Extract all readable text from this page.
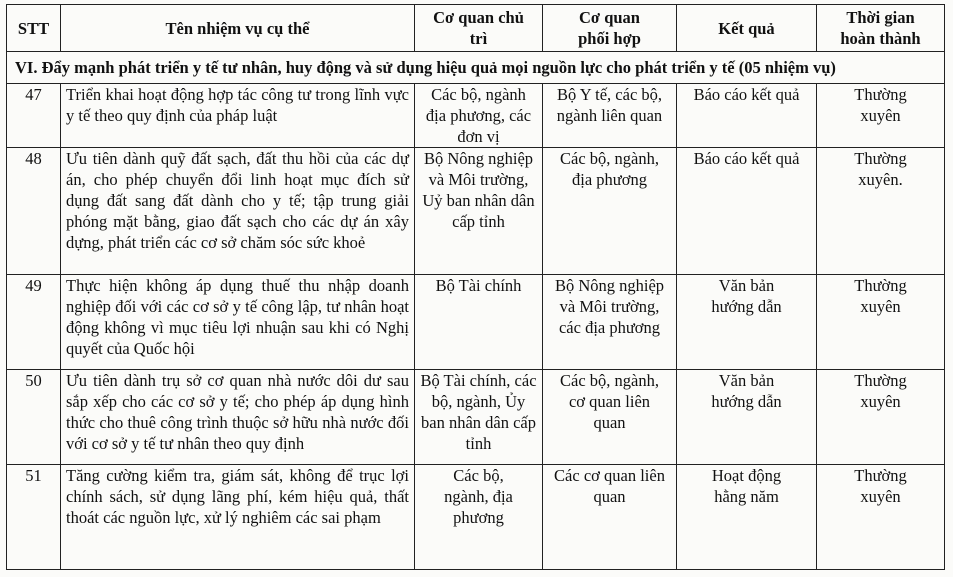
STT	Tên nhiệm vụ cụ thể	Cơ quan chủ trì	Cơ quan phối hợp	Kết quả	Thời gian hoàn thành
VI. Đẩy mạnh phát triển y tế tư nhân, huy động và sử dụng hiệu quả mọi nguồn lực cho phát triển y tế (05 nhiệm vụ)					
47	Triển khai hoạt động hợp tác công tư trong lĩnh vực y tế theo quy định của pháp luật	Các bộ, ngành địa phương, các đơn vị	Bộ Y tế, các bộ, ngành liên quan	Báo cáo kết quả	Thường xuyên
48	Ưu tiên dành quỹ đất sạch, đất thu hồi của các dự án, cho phép chuyển đổi linh hoạt mục đích sử dụng đất sang đất dành cho y tế; tập trung giải phóng mặt bằng, giao đất sạch cho các dự án xây dựng, phát triển các cơ sở chăm sóc sức khoẻ	Bộ Nông nghiệp và Môi trường, Uỷ ban nhân dân cấp tỉnh	Các bộ, ngành, địa phương	Báo cáo kết quả	Thường xuyên.
49	Thực hiện không áp dụng thuế thu nhập doanh nghiệp đối với các cơ sở y tế công lập, tư nhân hoạt động không vì mục tiêu lợi nhuận sau khi có Nghị quyết của Quốc hội	Bộ Tài chính	Bộ Nông nghiệp và Môi trường, các địa phương	Văn bản hướng dẫn	Thường xuyên
50	Ưu tiên dành trụ sở cơ quan nhà nước dôi dư sau sắp xếp cho các cơ sở y tế; cho phép áp dụng hình thức cho thuê công trình thuộc sở hữu nhà nước đối với cơ sở y tế tư nhân theo quy định	Bộ Tài chính, các bộ, ngành, Ủy ban nhân dân cấp tỉnh	Các bộ, ngành, cơ quan liên quan	Văn bản hướng dẫn	Thường xuyên
51	Tăng cường kiểm tra, giám sát, không để trục lợi chính sách, sử dụng lãng phí, kém hiệu quả, thất thoát các nguồn lực, xử lý nghiêm các sai phạm	Các bộ, ngành, địa phương	Các cơ quan liên quan	Hoạt động hằng năm	Thường xuyên
